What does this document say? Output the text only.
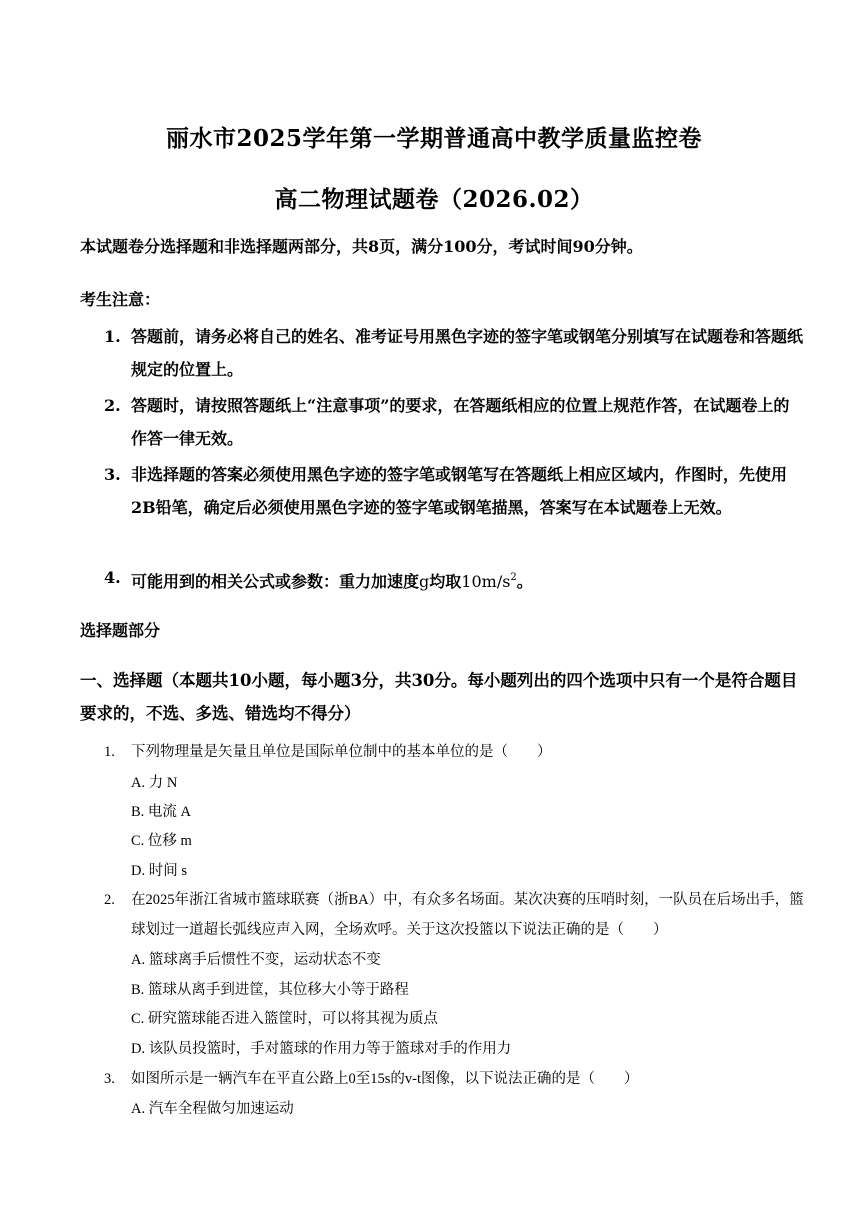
丽水市2025学年第一学期普通高中教学质量监控卷
高二物理试题卷（2026.02）
本试题卷分选择题和非选择题两部分，共8页，满分100分，考试时间90分钟。
考生注意：
1. 答题前，请务必将自己的姓名、准考证号用黑色字迹的签字笔或钢笔分别填写在试题卷和答题纸规定的位置上。
2. 答题时，请按照答题纸上“注意事项”的要求，在答题纸相应的位置上规范作答，在试题卷上的作答一律无效。
3. 非选择题的答案必须使用黑色字迹的签字笔或钢笔写在答题纸上相应区域内，作图时，先使用2B铅笔，确定后必须使用黑色字迹的签字笔或钢笔描黑，答案写在本试题卷上无效。
4. 可能用到的相关公式或参数：重力加速度g均取$10m/s^2$。
选择题部分
一、选择题（本题共10小题，每小题3分，共30分。每小题列出的四个选项中只有一个是符合题目要求的，不选、多选、错选均不得分）
1.	下列物理量是矢量且单位是国际单位制中的基本单位的是（　　）
A. 力 N
B. 电流 A
C. 位移 m
D. 时间 s
2.	在2025年浙江省城市篮球联赛（浙BA）中，有众多名场面。某次决赛的压哨时刻，一队员在后场出手，篮球划过一道超长弧线应声入网，全场欢呼。关于这次投篮以下说法正确的是（　　）
A. 篮球离手后惯性不变，运动状态不变
B. 篮球从离手到进筐，其位移大小等于路程
C. 研究篮球能否进入篮筐时，可以将其视为质点
D. 该队员投篮时，手对篮球的作用力等于篮球对手的作用力
3.	如图所示是一辆汽车在平直公路上0至15s的v-t图像，以下说法正确的是（　　）
A. 汽车全程做匀加速运动
